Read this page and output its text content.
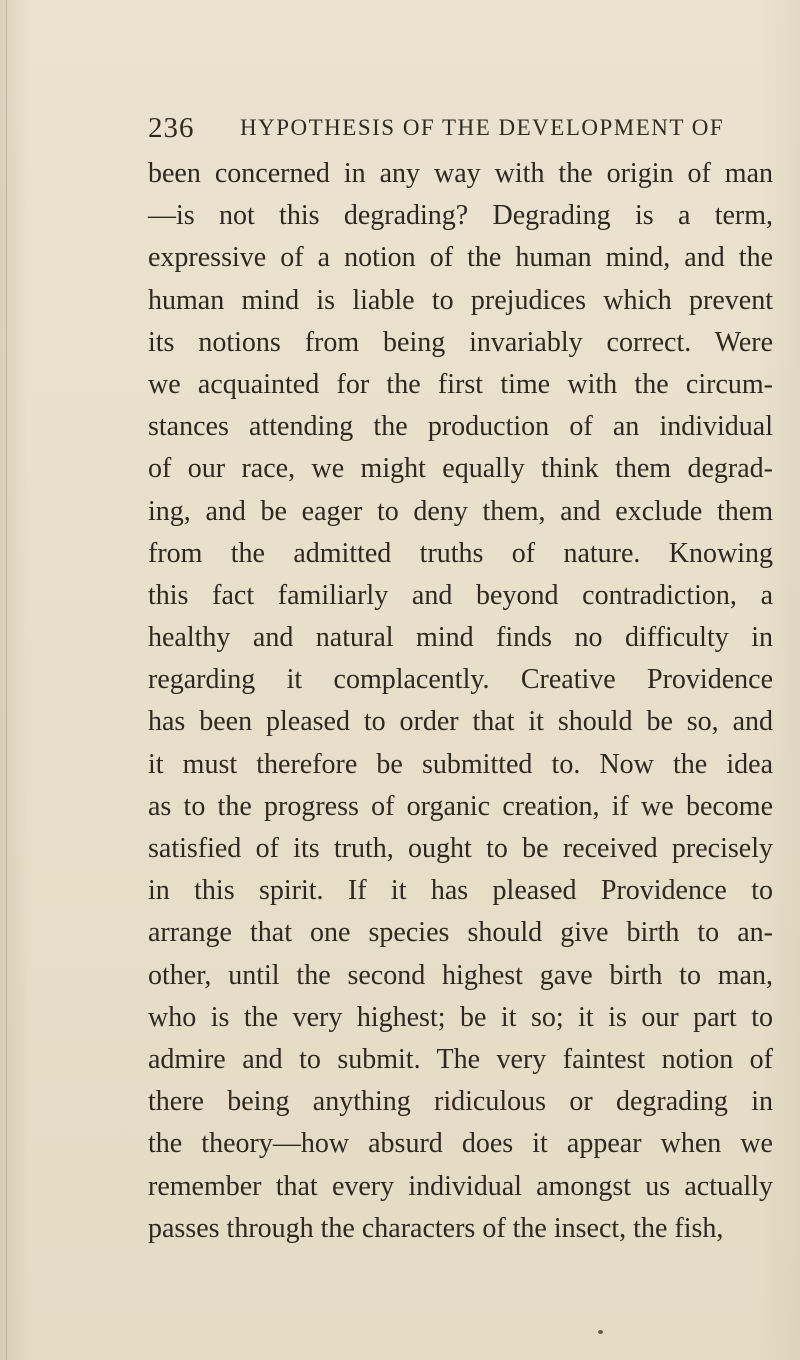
236 HYPOTHESIS OF THE DEVELOPMENT OF
been concerned in any way with the origin of man
—is not this degrading? Degrading is a term,
expressive of a notion of the human mind, and the
human mind is liable to prejudices which prevent
its notions from being invariably correct. Were
we acquainted for the first time with the circum-
stances attending the production of an individual
of our race, we might equally think them degrad-
ing, and be eager to deny them, and exclude them
from the admitted truths of nature. Knowing
this fact familiarly and beyond contradiction, a
healthy and natural mind finds no difficulty in
regarding it complacently. Creative Providence
has been pleased to order that it should be so, and
it must therefore be submitted to. Now the idea
as to the progress of organic creation, if we become
satisfied of its truth, ought to be received precisely
in this spirit. If it has pleased Providence to
arrange that one species should give birth to an-
other, until the second highest gave birth to man,
who is the very highest; be it so; it is our part to
admire and to submit. The very faintest notion of
there being anything ridiculous or degrading in
the theory—how absurd does it appear when we
remember that every individual amongst us actually
passes through the characters of the insect, the fish,
